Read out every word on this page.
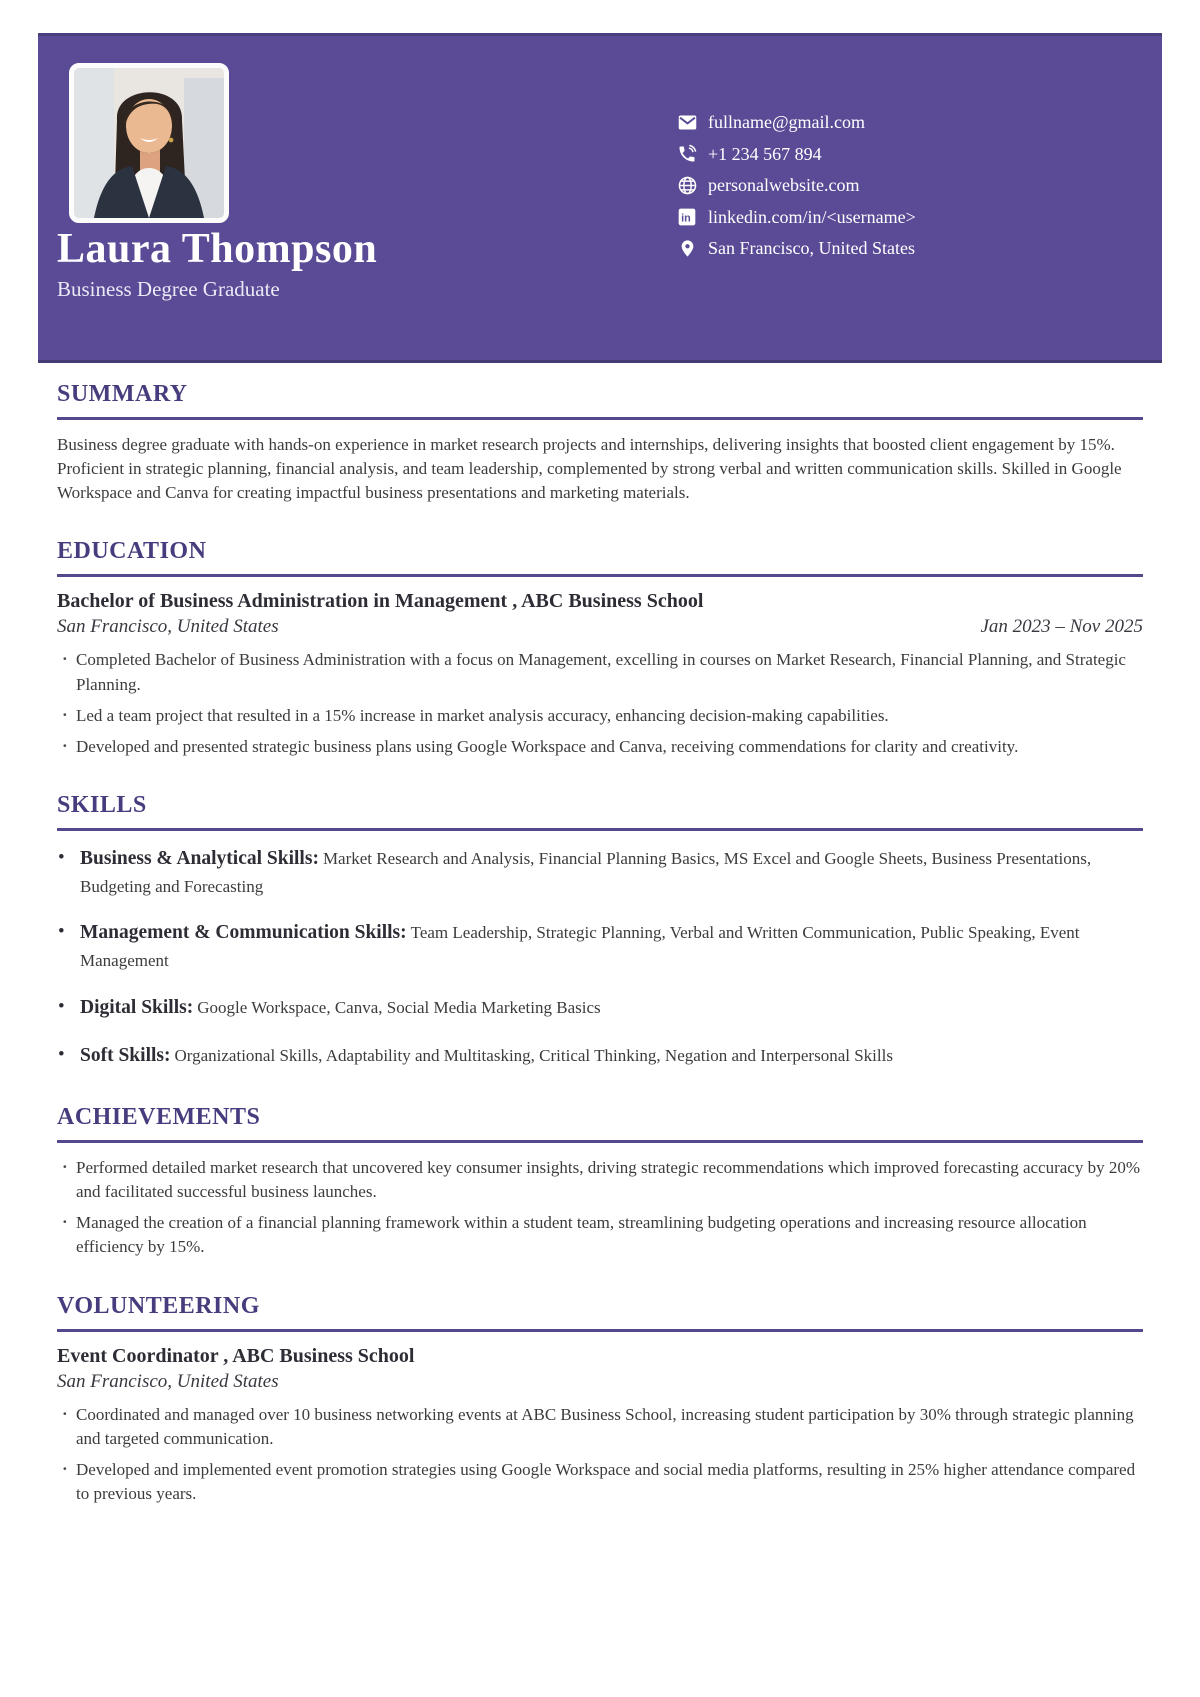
Laura Thompson
Business Degree Graduate
fullname@gmail.com
+1 234 567 894
personalwebsite.com
in linkedin.com/in/<username>
San Francisco, United States
SUMMARY

Business degree graduate with hands-on experience in market research projects and internships, delivering insights that boosted client engagement by 15%. Proficient in strategic planning, financial analysis, and team leadership, complemented by strong verbal and written communication skills. Skilled in Google Workspace and Canva for creating impactful business presentations and marketing materials.

EDUCATION
Bachelor of Business Administration in Management , ABC Business School
San Francisco, United States	Jan 2023 – Nov 2025
· Completed Bachelor of Business Administration with a focus on Management, excelling in courses on Market Research, Financial Planning, and Strategic Planning.
· Led a team project that resulted in a 15% increase in market analysis accuracy, enhancing decision-making capabilities.
· Developed and presented strategic business plans using Google Workspace and Canva, receiving commendations for clarity and creativity.
SKILLS
• Business & Analytical Skills: Market Research and Analysis, Financial Planning Basics, MS Excel and Google Sheets, Business Presentations, Budgeting and Forecasting
• Management & Communication Skills: Team Leadership, Strategic Planning, Verbal and Written Communication, Public Speaking, Event Management
• Digital Skills: Google Workspace, Canva, Social Media Marketing Basics
• Soft Skills: Organizational Skills, Adaptability and Multitasking, Critical Thinking, Negation and Interpersonal Skills
ACHIEVEMENTS
· Performed detailed market research that uncovered key consumer insights, driving strategic recommendations which improved forecasting accuracy by 20% and facilitated successful business launches.
· Managed the creation of a financial planning framework within a student team, streamlining budgeting operations and increasing resource allocation efficiency by 15%.
VOLUNTEERING
Event Coordinator , ABC Business School
San Francisco, United States
· Coordinated and managed over 10 business networking events at ABC Business School, increasing student participation by 30% through strategic planning and targeted communication.
· Developed and implemented event promotion strategies using Google Workspace and social media platforms, resulting in 25% higher attendance compared to previous years.
